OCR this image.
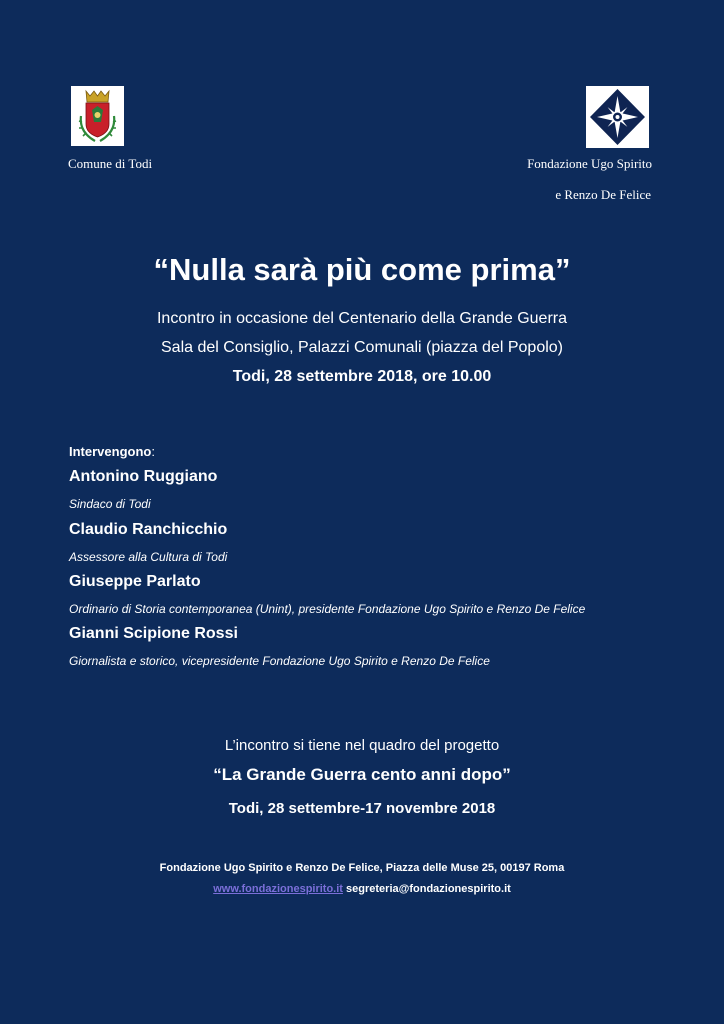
Comune di Todi	Fondazione Ugo Spirito
e Renzo De Felice
“Nulla sarà più come prima”
Incontro in occasione del Centenario della Grande Guerra
Sala del Consiglio, Palazzi Comunali (piazza del Popolo)
Todi, 28 settembre 2018, ore 10.00
Intervengono:
Antonino Ruggiano
Sindaco di Todi
Claudio Ranchicchio
Assessore alla Cultura di Todi
Giuseppe Parlato
Ordinario di Storia contemporanea (Unint), presidente Fondazione Ugo Spirito e Renzo De Felice
Gianni Scipione Rossi
Giornalista e storico, vicepresidente Fondazione Ugo Spirito e Renzo De Felice
L’incontro si tiene nel quadro del progetto
“La Grande Guerra cento anni dopo”
Todi, 28 settembre-17 novembre 2018
Fondazione Ugo Spirito e Renzo De Felice, Piazza delle Muse 25, 00197 Roma
www.fondazionespirito.it segreteria@fondazionespirito.it
